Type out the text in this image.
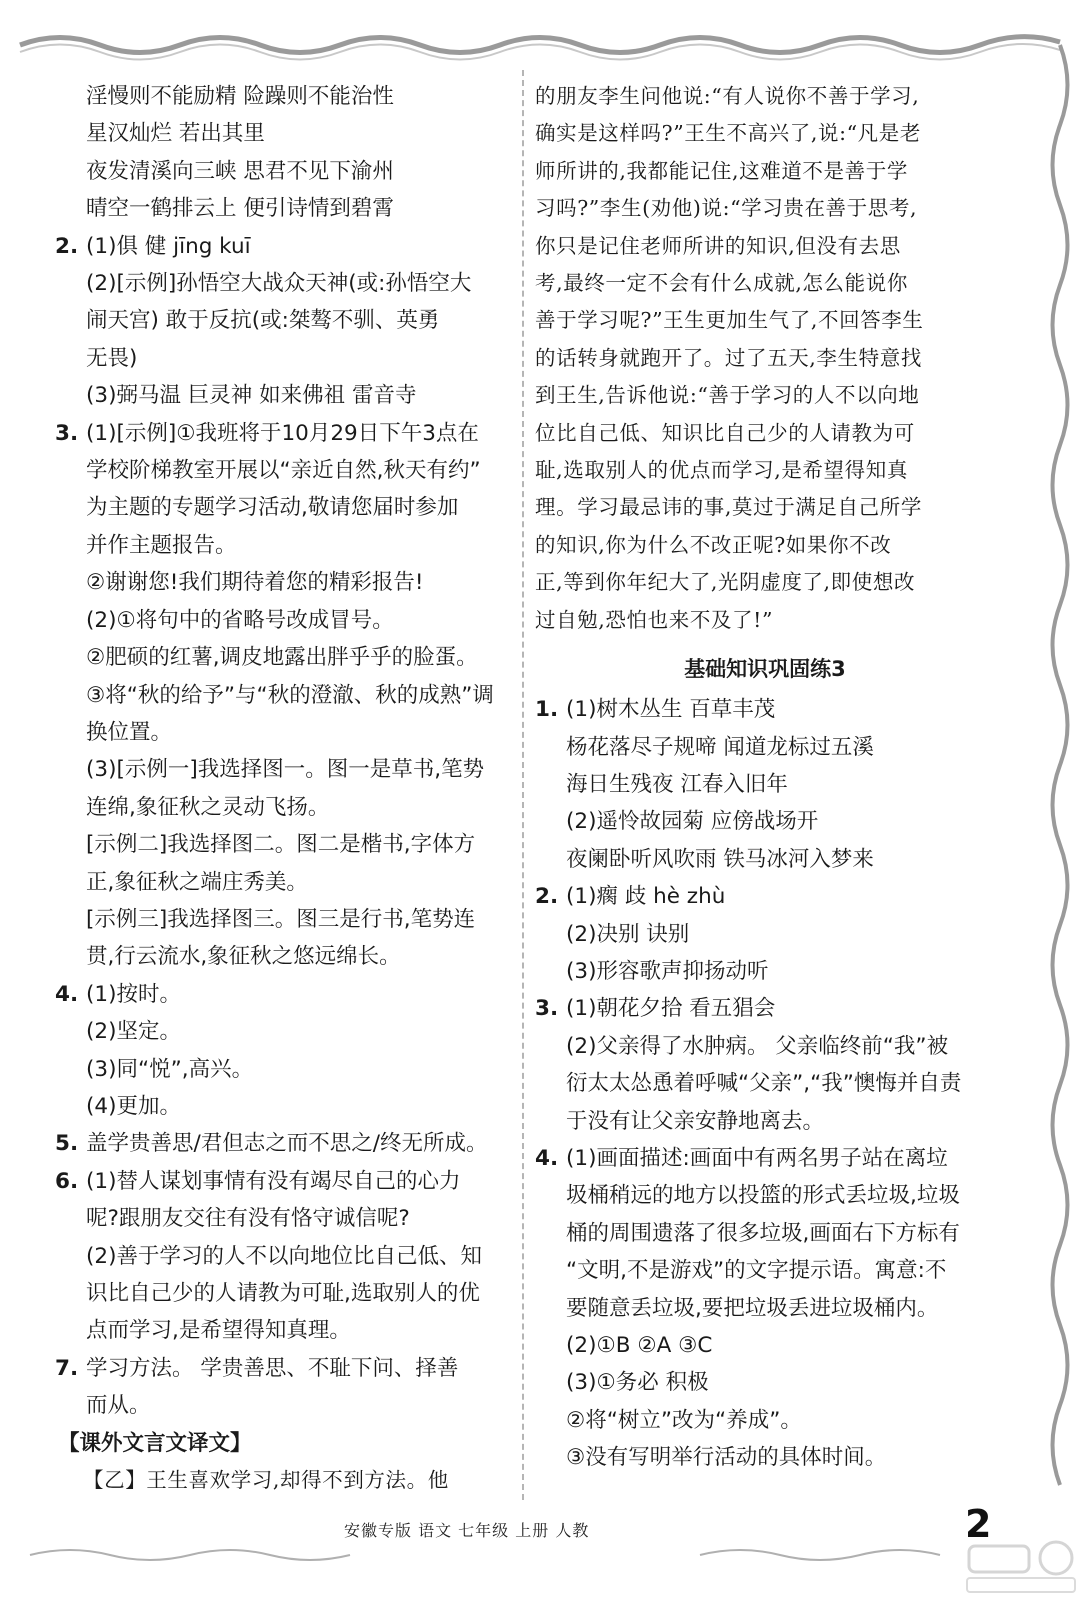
淫慢则不能励精 险躁则不能治性
星汉灿烂 若出其里
夜发清溪向三峡 思君不见下渝州
晴空一鹤排云上 便引诗情到碧霄
2. (1)俱 健 jīng kuī
(2)[示例]孙悟空大战众天神(或:孙悟空大
闹天宫) 敢于反抗(或:桀骜不驯、英勇
无畏)
(3)弼马温 巨灵神 如来佛祖 雷音寺
3. (1)[示例]①我班将于10月29日下午3点在
学校阶梯教室开展以“亲近自然,秋天有约”
为主题的专题学习活动,敬请您届时参加
并作主题报告。
②谢谢您!我们期待着您的精彩报告!
(2)①将句中的省略号改成冒号。
②肥硕的红薯,调皮地露出胖乎乎的脸蛋。
③将“秋的给予”与“秋的澄澈、秋的成熟”调
换位置。
(3)[示例一]我选择图一。图一是草书,笔势
连绵,象征秋之灵动飞扬。
[示例二]我选择图二。图二是楷书,字体方
正,象征秋之端庄秀美。
[示例三]我选择图三。图三是行书,笔势连
贯,行云流水,象征秋之悠远绵长。
4. (1)按时。
(2)坚定。
(3)同“悦”,高兴。
(4)更加。
5. 盖学贵善思/君但志之而不思之/终无所成。
6. (1)替人谋划事情有没有竭尽自己的心力
呢?跟朋友交往有没有恪守诚信呢?
(2)善于学习的人不以向地位比自己低、知
识比自己少的人请教为可耻,选取别人的优
点而学习,是希望得知真理。
7. 学习方法。 学贵善思、不耻下问、择善
而从。
【课外文言文译文】
【乙】王生喜欢学习,却得不到方法。他
的朋友李生问他说:“有人说你不善于学习,
确实是这样吗?”王生不高兴了,说:“凡是老
师所讲的,我都能记住,这难道不是善于学
习吗?”李生(劝他)说:“学习贵在善于思考,
你只是记住老师所讲的知识,但没有去思
考,最终一定不会有什么成就,怎么能说你
善于学习呢?”王生更加生气了,不回答李生
的话转身就跑开了。过了五天,李生特意找
到王生,告诉他说:“善于学习的人不以向地
位比自己低、知识比自己少的人请教为可
耻,选取别人的优点而学习,是希望得知真
理。学习最忌讳的事,莫过于满足自己所学
的知识,你为什么不改正呢?如果你不改
正,等到你年纪大了,光阴虚度了,即使想改
过自勉,恐怕也来不及了!”
基础知识巩固练3
1. (1)树木丛生 百草丰茂
杨花落尽子规啼 闻道龙标过五溪
海日生残夜 江春入旧年
(2)遥怜故园菊 应傍战场开
夜阑卧听风吹雨 铁马冰河入梦来
2. (1)瘸 歧 hè zhù
(2)决别 诀别
(3)形容歌声抑扬动听
3. (1)朝花夕拾 看五猖会
(2)父亲得了水肿病。 父亲临终前“我”被
衍太太怂恿着呼喊“父亲”,“我”懊悔并自责
于没有让父亲安静地离去。
4. (1)画面描述:画面中有两名男子站在离垃
圾桶稍远的地方以投篮的形式丢垃圾,垃圾
桶的周围遗落了很多垃圾,画面右下方标有
“文明,不是游戏”的文字提示语。寓意:不
要随意丢垃圾,要把垃圾丢进垃圾桶内。
(2)①B ②A ③C
(3)①务必 积极
②将“树立”改为“养成”。
③没有写明举行活动的具体时间。
安徽专版 语文 七年级 上册 人教	2
